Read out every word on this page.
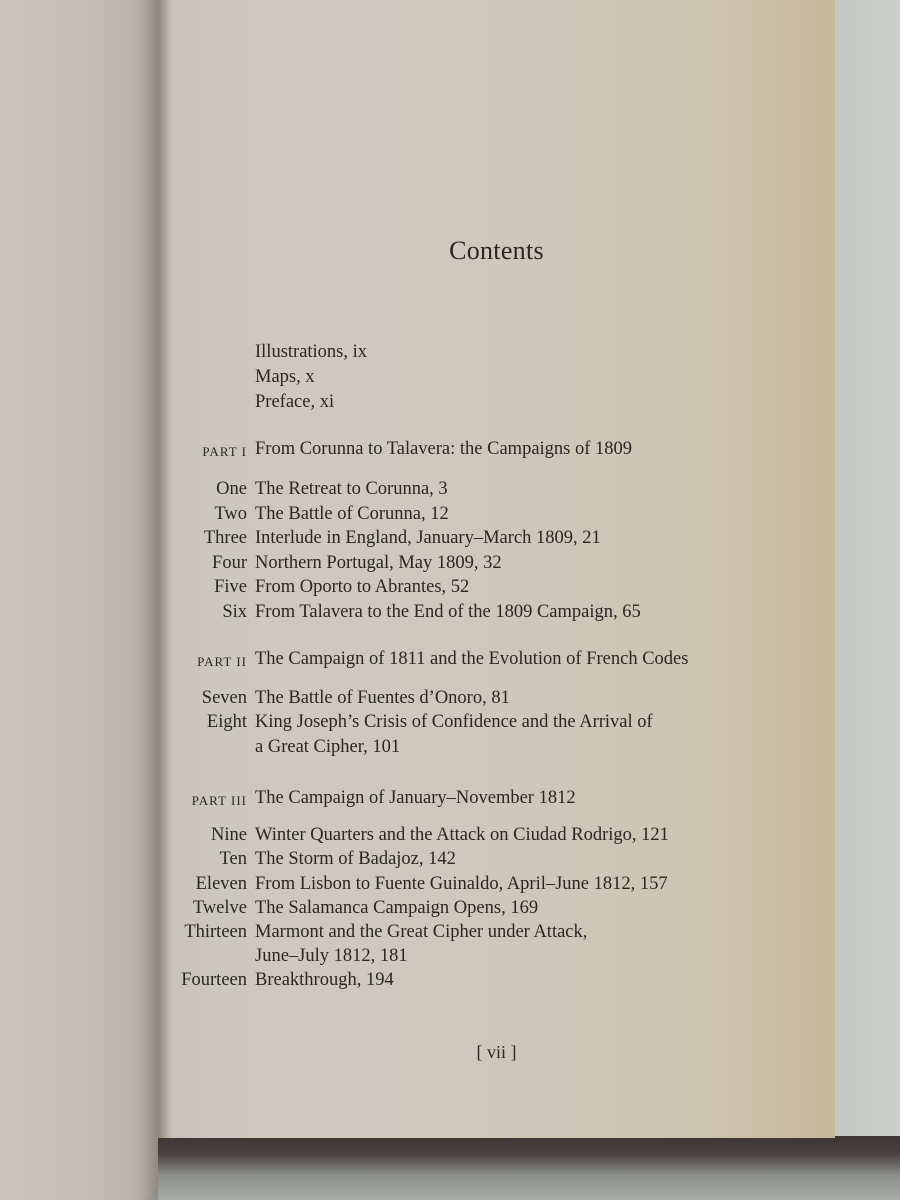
Contents
Illustrations, ix
Maps, x
Preface, xi
PART I From Corunna to Talavera: the Campaigns of 1809
One The Retreat to Corunna, 3
Two The Battle of Corunna, 12
Three Interlude in England, January–March 1809, 21
Four Northern Portugal, May 1809, 32
Five From Oporto to Abrantes, 52
Six From Talavera to the End of the 1809 Campaign, 65
PART II The Campaign of 1811 and the Evolution of French Codes
Seven The Battle of Fuentes d’Onoro, 81
Eight King Joseph’s Crisis of Confidence and the Arrival of
a Great Cipher, 101
PART III The Campaign of January–November 1812
Nine Winter Quarters and the Attack on Ciudad Rodrigo, 121
Ten The Storm of Badajoz, 142
Eleven From Lisbon to Fuente Guinaldo, April–June 1812, 157
Twelve The Salamanca Campaign Opens, 169
Thirteen Marmont and the Great Cipher under Attack,
June–July 1812, 181
Fourteen Breakthrough, 194
[ vii ]
